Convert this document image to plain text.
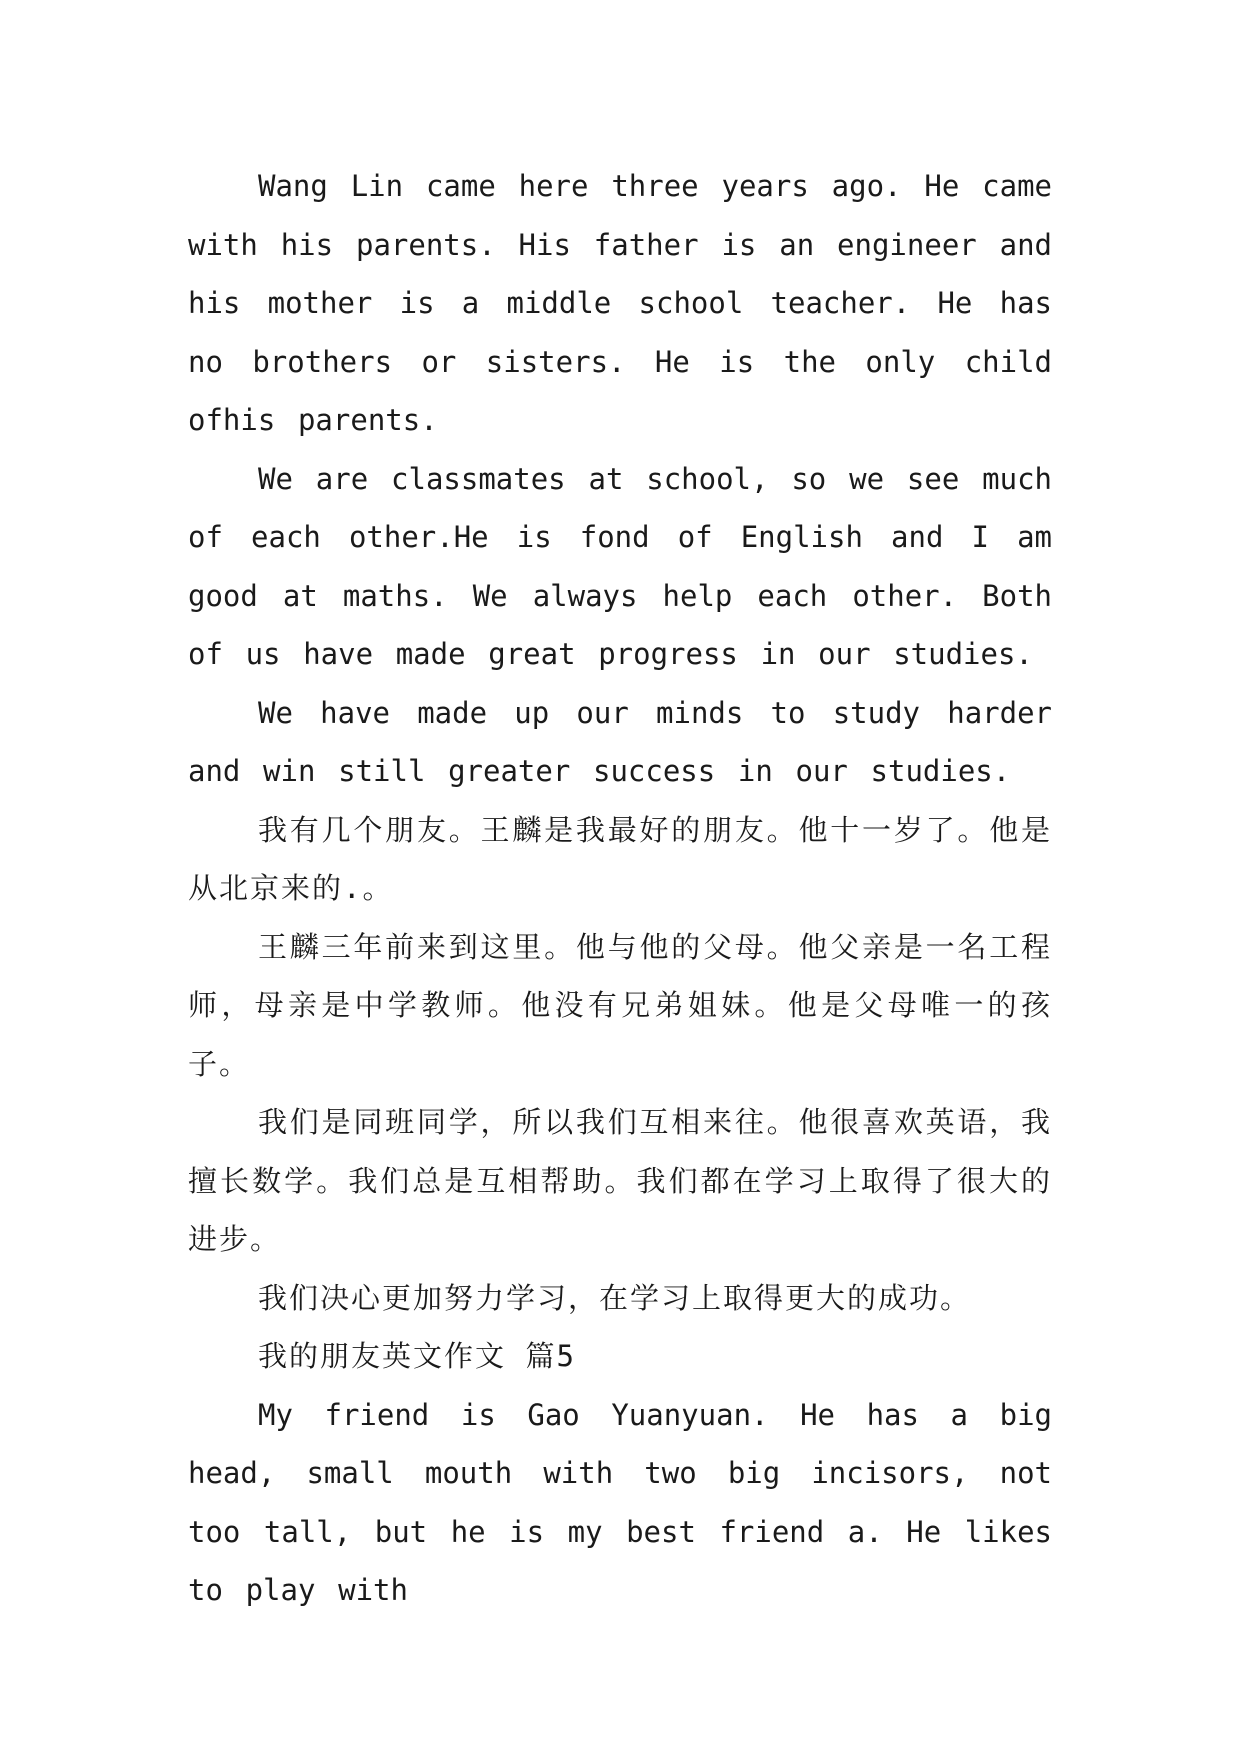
Wang Lin came here three years ago. He came with his parents. His father is an engineer and his mother is a middle school teacher. He has no brothers or sisters. He is the only child ofhis parents.

We are classmates at school, so we see much of each other.He is fond of English and I am good at maths. We always help each other. Both of us have made great progress in our studies.

We have made up our minds to study harder and win still greater success in our studies.

我有几个朋友。王麟是我最好的朋友。他十一岁了。他是从北京来的.。

王麟三年前来到这里。他与他的父母。他父亲是一名工程师，母亲是中学教师。他没有兄弟姐妹。他是父母唯一的孩子。

我们是同班同学，所以我们互相来往。他很喜欢英语，我擅长数学。我们总是互相帮助。我们都在学习上取得了很大的进步。

我们决心更加努力学习，在学习上取得更大的成功。

我的朋友英文作文 篇5

My friend is Gao Yuanyuan. He has a big head, small mouth with two big incisors, not too tall, but he is my best friend a. He likes to play with
